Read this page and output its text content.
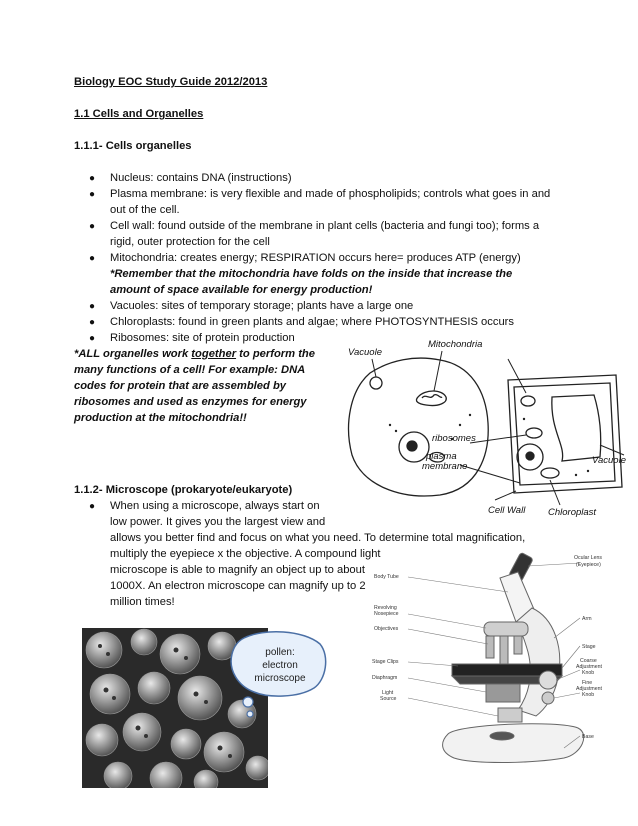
Biology EOC Study Guide 2012/2013
1.1 Cells and Organelles
1.1.1- Cells organelles
● Nucleus: contains DNA (instructions)
● Plasma membrane: is very flexible and made of phospholipids; controls what goes in and
out of the cell.
● Cell wall: found outside of the membrane in plant cells (bacteria and fungi too); forms a
rigid, outer protection for the cell
● Mitochondria: creates energy; RESPIRATION occurs here= produces ATP (energy)
*Remember that the mitochondria have folds on the inside that increase the
amount of space available for energy production!
● Vacuoles: sites of temporary storage; plants have a large one
● Chloroplasts: found in green plants and algae; where PHOTOSYNTHESIS occurs
● Ribosomes: site of protein production
*ALL organelles work together to perform the
many functions of a cell! For example: DNA
codes for protein that are assembled by
ribosomes and used as enzymes for energy
production at the mitochondria!!
Vacuole
Mitochondria
ribosomes
plasma
membrane
Cell Wall Chloroplast
Vacuole
1.1.2- Microscope (prokaryote/eukaryote)
● When using a microscope, always start on
low power. It gives you the largest view and
allows you better find and focus on what you need. To determine total magnification,
multiply the eyepiece x the objective. A compound light
microscope is able to magnify an object up to about
1000X. An electron microscope can magnify up to 2
million times!
pollen:
electron
microscope
Ocular Lens
(Eyepiece)
Body Tube
Revolving
Nosepiece
Objectives
Arm
Stage
Stage Clips	Coarse
Adjustment
Knob
Diaphragm
Fine
Adjustment
Knob
Light
Source
Base
